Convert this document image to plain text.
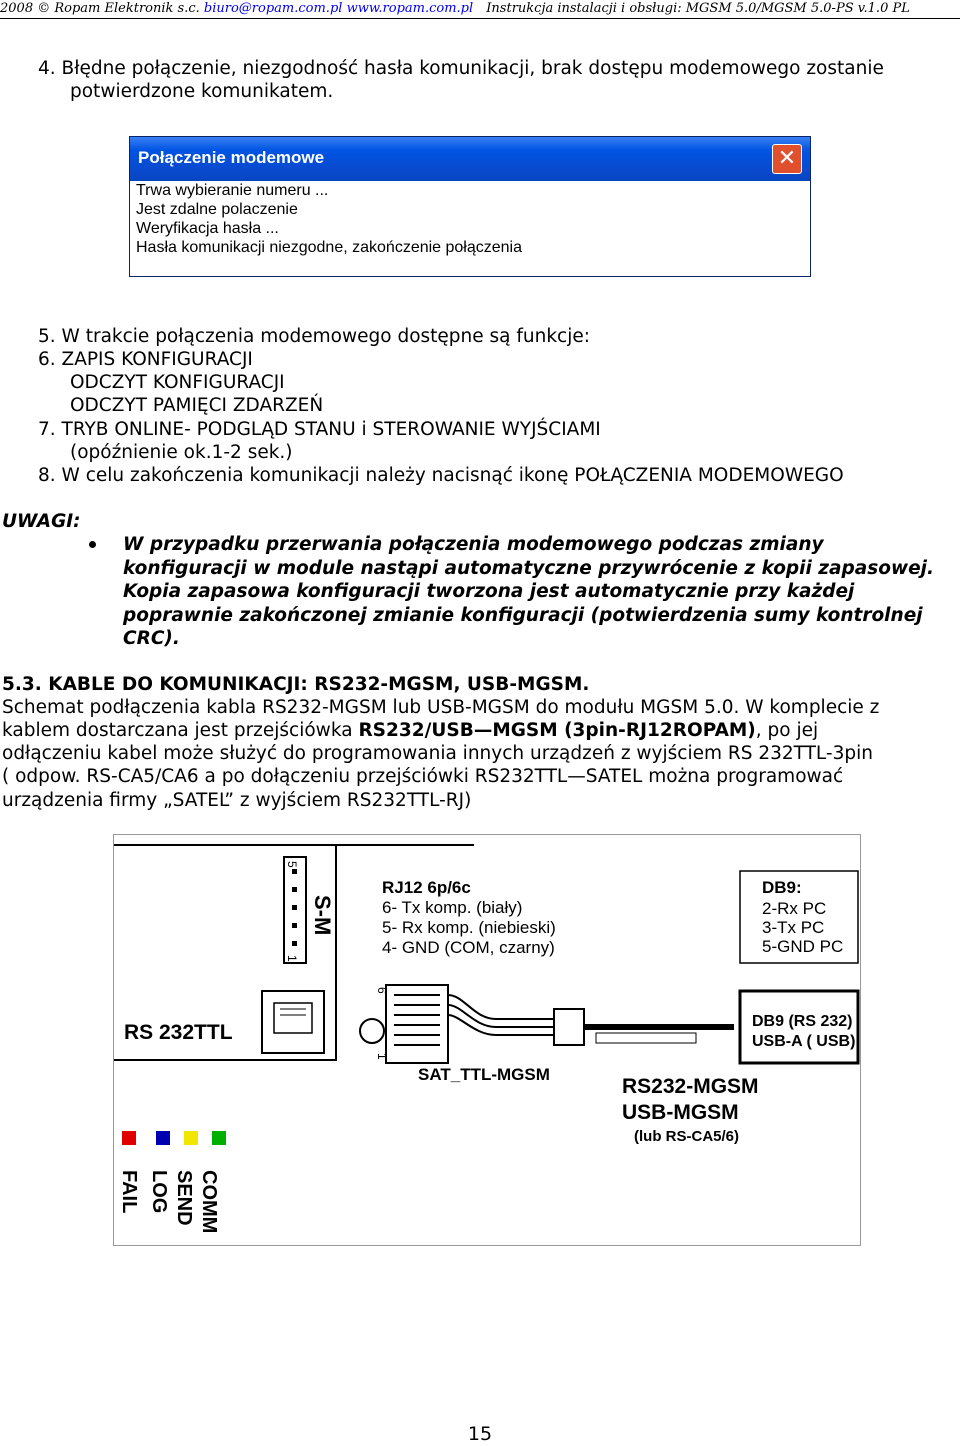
2008 © Ropam Elektronik s.c. biuro@ropam.com.pl www.ropam.com.pl Instrukcja instalacji i obsługi: MGSM 5.0/MGSM 5.0-PS v.1.0 PL
4. Błędne połączenie, niezgodność hasła komunikacji, brak dostępu modemowego zostanie
potwierdzone komunikatem.
Połączenie modemowe	✕
Trwa wybieranie numeru ...
Jest zdalne polaczenie
Weryfikacja hasła ...
Hasła komunikacji niezgodne, zakończenie połączenia
5. W trakcie połączenia modemowego dostępne są funkcje:
6. ZAPIS KONFIGURACJI
ODCZYT KONFIGURACJI
ODCZYT PAMIĘCI ZDARZEŃ
7. TRYB ONLINE- PODGLĄD STANU i STEROWANIE WYJŚCIAMI
(opóźnienie ok.1-2 sek.)
8. W celu zakończenia komunikacji należy nacisnąć ikonę POŁĄCZENIA MODEMOWEGO
UWAGI:
W przypadku przerwania połączenia modemowego podczas zmiany
konfiguracji w module nastąpi automatyczne przywrócenie z kopii zapasowej.
Kopia zapasowa konfiguracji tworzona jest automatycznie przy każdej
poprawnie zakończonej zmianie konfiguracji (potwierdzenia sumy kontrolnej
CRC).
5.3. KABLE DO KOMUNIKACJI: RS232-MGSM, USB-MGSM.
Schemat podłączenia kabla RS232-MGSM lub USB-MGSM do modułu MGSM 5.0. W komplecie z
kablem dostarczana jest przejściówka RS232/USB—MGSM (3pin-RJ12ROPAM), po jej
odłączeniu kabel może służyć do programowania innych urządzeń z wyjściem RS 232TTL-3pin
( odpow. RS-CA5/CA6 a po dołączeniu przejściówki RS232TTL—SATEL można programować
urządzenia firmy „SATEL” z wyjściem RS232TTL-RJ)
5
1
S-M
RS 232TTL
FAIL LOG SEND COMM
6
1
SAT_TTL-MGSM
RJ12 6p/6c
6- Tx komp. (biały)
5- Rx komp. (niebieski)
4- GND (COM, czarny)
DB9:
2-Rx PC
3-Tx PC
5-GND PC
DB9 (RS 232)
USB-A ( USB)
RS232-MGSM
USB-MGSM
(lub RS-CA5/6)
15
